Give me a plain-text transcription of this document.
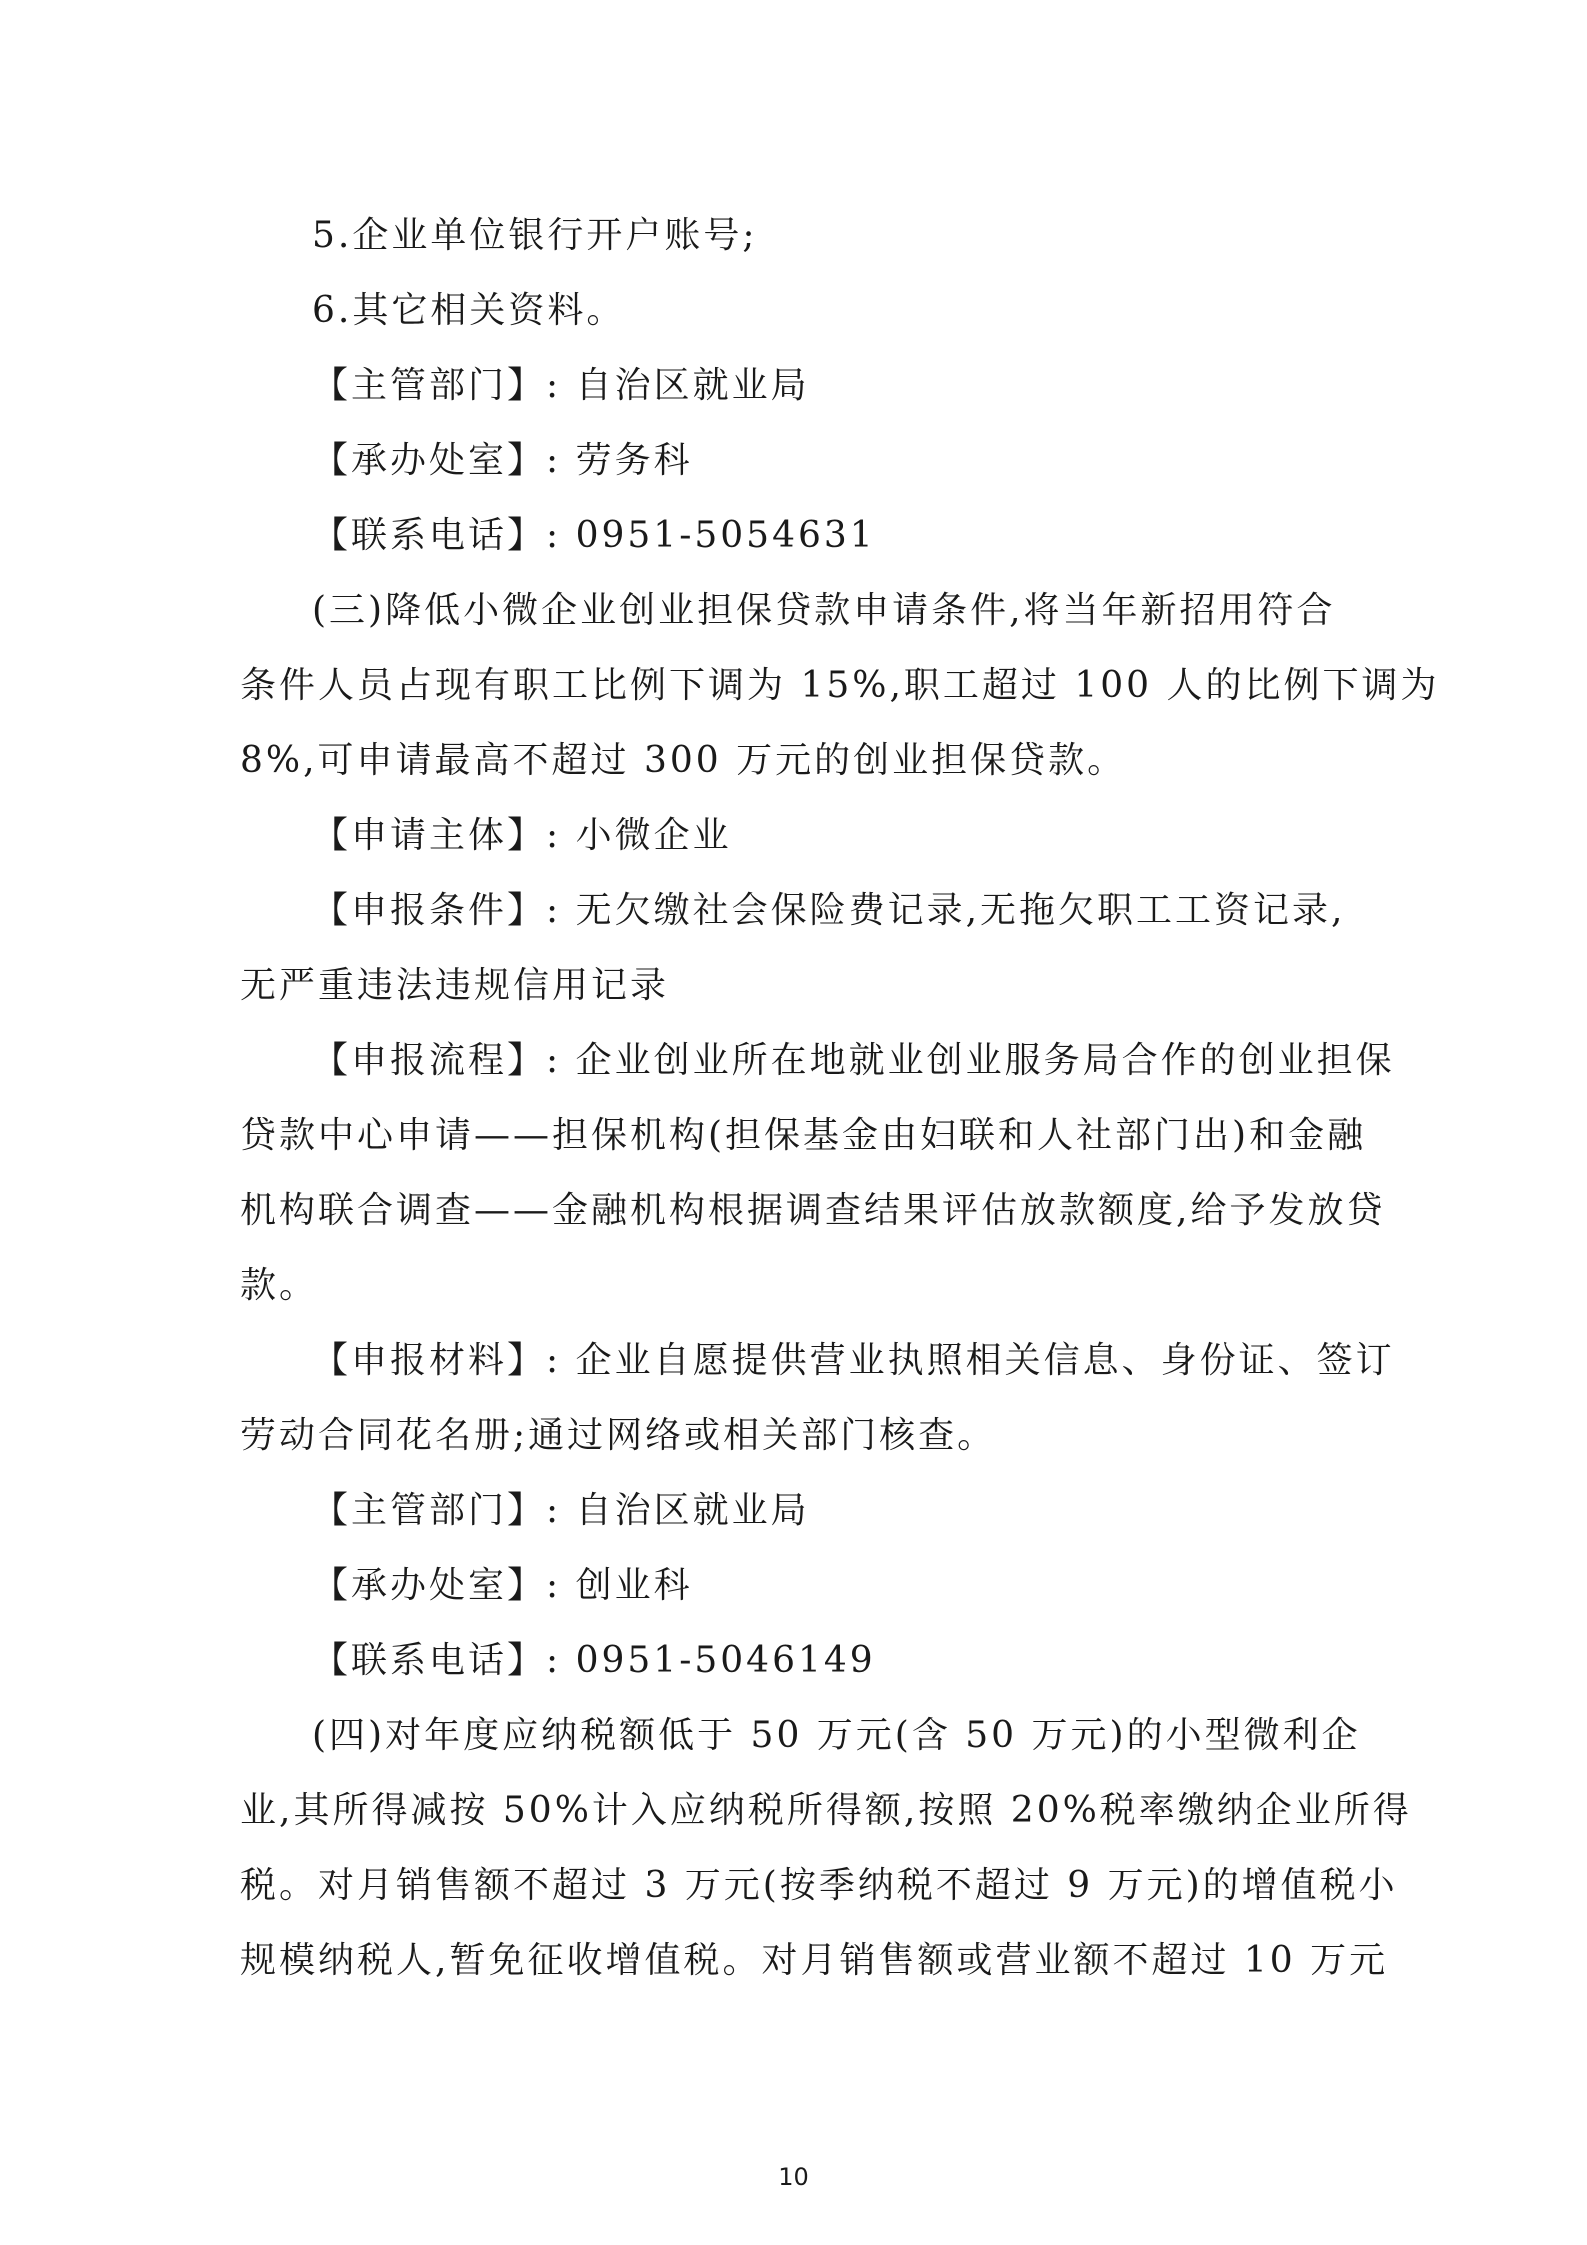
5.企业单位银行开户账号;
6.其它相关资料。
【主管部门】: 自治区就业局
【承办处室】: 劳务科
【联系电话】: 0951-5054631
(三)降低小微企业创业担保贷款申请条件,将当年新招用符合
条件人员占现有职工比例下调为 15%,职工超过 100 人的比例下调为
8%,可申请最高不超过 300 万元的创业担保贷款。
【申请主体】: 小微企业
【申报条件】: 无欠缴社会保险费记录,无拖欠职工工资记录,
无严重违法违规信用记录
【申报流程】: 企业创业所在地就业创业服务局合作的创业担保
贷款中心申请——担保机构(担保基金由妇联和人社部门出)和金融
机构联合调查——金融机构根据调查结果评估放款额度,给予发放贷
款。
【申报材料】: 企业自愿提供营业执照相关信息、身份证、签订
劳动合同花名册;通过网络或相关部门核查。
【主管部门】: 自治区就业局
【承办处室】: 创业科
【联系电话】: 0951-5046149
(四)对年度应纳税额低于 50 万元(含 50 万元)的小型微利企
业,其所得减按 50%计入应纳税所得额,按照 20%税率缴纳企业所得
税。对月销售额不超过 3 万元(按季纳税不超过 9 万元)的增值税小
规模纳税人,暂免征收增值税。对月销售额或营业额不超过 10 万元
10
